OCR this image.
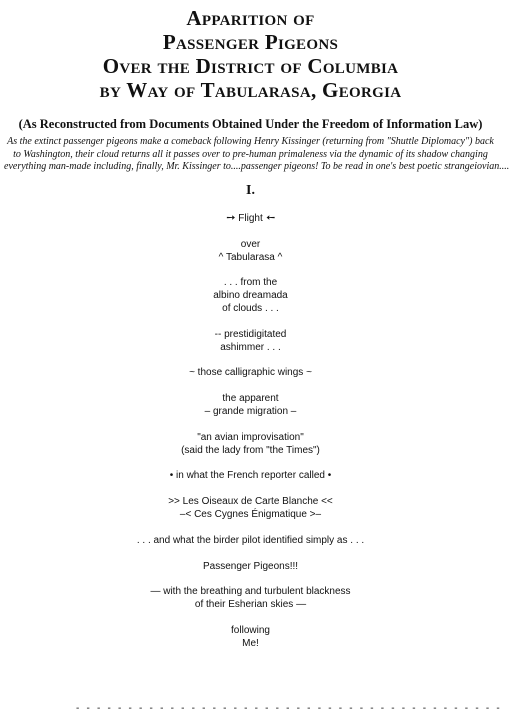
Apparition of
Passenger Pigeons
Over the District of Columbia
by Way of Tabularasa, Georgia
(As Reconstructed from Documents Obtained Under the Freedom of Information Law)
As the extinct passenger pigeons make a comeback following Henry Kissinger (returning from "Shuttle Diplomacy") back
to Washington, their cloud returns all it passes over to pre-human primaleness via the dynamic of its shadow changing
everything man-made including, finally, Mr. Kissinger to....passenger pigeons! To be read in one's best poetic strangeiovian....
I.
➙ Flight ➙
over
^ Tabularasa ^
. . . from the
albino dreamada
of clouds . . .
-- prestidigitated
ashimmer . . .
~ those calligraphic wings ~
the apparent
– grande migration –
"an avian improvisation"
(said the lady from "the Times")
• in what the French reporter called •
>> Les Oiseaux de Carte Blanche <<
–< Ces Cygnes Énigmatique >–
. . . and what the birder pilot identified simply as . . .
Passenger Pigeons!!!
— with the breathing and turbulent blackness
of their Esherian skies —
following
Me!
- - - - - - - - - - - - - - - - - - - - - - - - - - - - - - - - - - - - - - - - -
